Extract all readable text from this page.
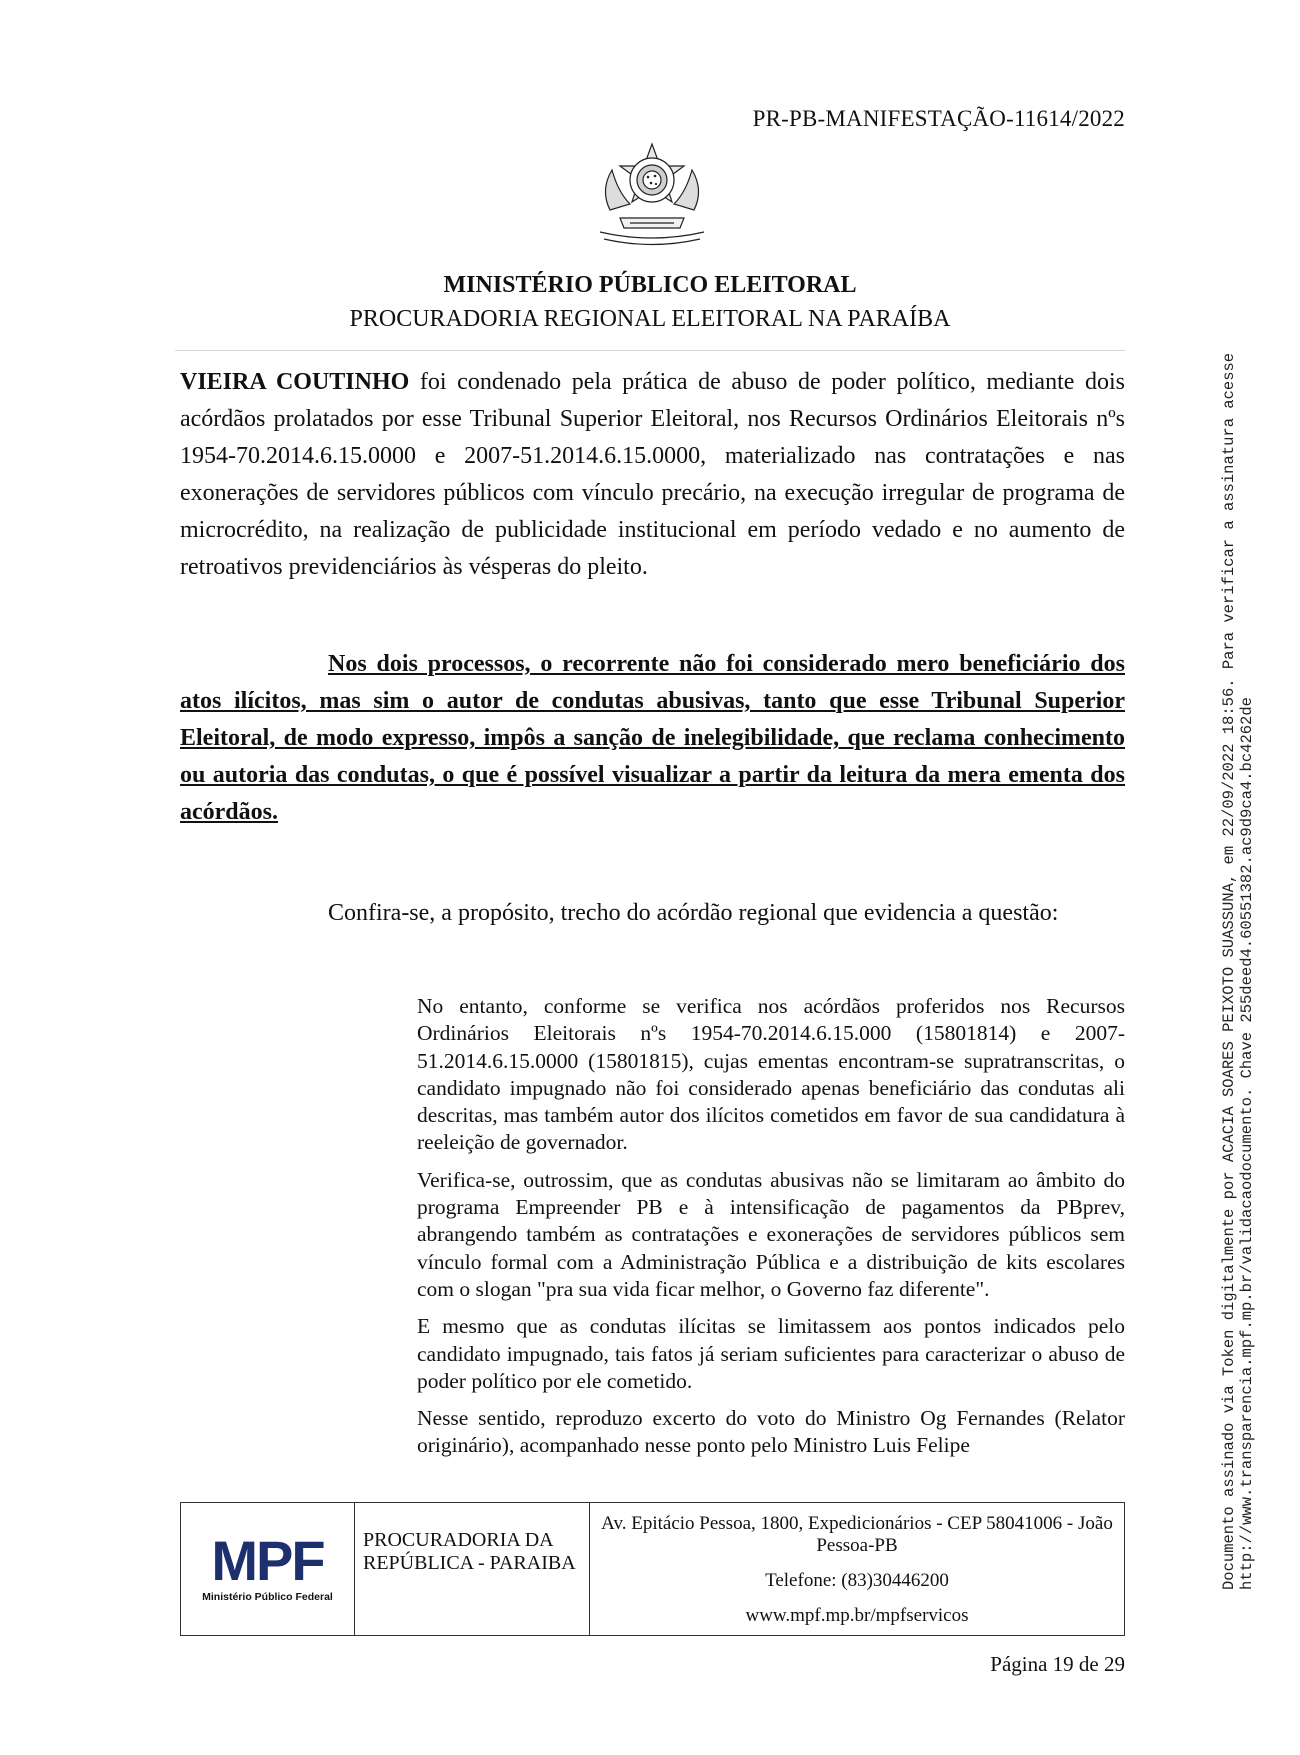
PR-PB-MANIFESTAÇÃO-11614/2022
MINISTÉRIO PÚBLICO ELEITORAL
PROCURADORIA REGIONAL ELEITORAL NA PARAÍBA
VIEIRA COUTINHO foi condenado pela prática de abuso de poder político, mediante dois acórdãos prolatados por esse Tribunal Superior Eleitoral, nos Recursos Ordinários Eleitorais nºs 1954-70.2014.6.15.0000 e 2007-51.2014.6.15.0000, materializado nas contratações e nas exonerações de servidores públicos com vínculo precário, na execução irregular de programa de microcrédito, na realização de publicidade institucional em período vedado e no aumento de retroativos previdenciários às vésperas do pleito.
Nos dois processos, o recorrente não foi considerado mero beneficiário dos atos ilícitos, mas sim o autor de condutas abusivas, tanto que esse Tribunal Superior Eleitoral, de modo expresso, impôs a sanção de inelegibilidade, que reclama conhecimento ou autoria das condutas, o que é possível visualizar a partir da leitura da mera ementa dos acórdãos.
Confira-se, a propósito, trecho do acórdão regional que evidencia a questão:

No entanto, conforme se verifica nos acórdãos proferidos nos Recursos Ordinários Eleitorais nºs 1954-70.2014.6.15.000 (15801814) e 2007-51.2014.6.15.0000 (15801815), cujas ementas encontram-se supratranscritas, o candidato impugnado não foi considerado apenas beneficiário das condutas ali descritas, mas também autor dos ilícitos cometidos em favor de sua candidatura à reeleição de governador.

Verifica-se, outrossim, que as condutas abusivas não se limitaram ao âmbito do programa Empreender PB e à intensificação de pagamentos da PBprev, abrangendo também as contratações e exonerações de servidores públicos sem vínculo formal com a Administração Pública e a distribuição de kits escolares com o slogan "pra sua vida ficar melhor, o Governo faz diferente".

E mesmo que as condutas ilícitas se limitassem aos pontos indicados pelo candidato impugnado, tais fatos já seriam suficientes para caracterizar o abuso de poder político por ele cometido.

Nesse sentido, reproduzo excerto do voto do Ministro Og Fernandes (Relator originário), acompanhado nesse ponto pelo Ministro Luis Felipe

MPF
Ministério Público Federal
PROCURADORIA DA REPÚBLICA - PARAIBA
Av. Epitácio Pessoa, 1800, Expedicionários - CEP 58041006 - João Pessoa-PB
Telefone: (83)30446200
www.mpf.mp.br/mpfservicos
Página 19 de 29
Documento assinado via Token digitalmente por ACACIA SOARES PEIXOTO SUASSUNA, em 22/09/2022 18:56. Para verificar a assinatura acesse http://www.transparencia.mpf.mp.br/validacaodocumento. Chave 255deed4.60551382.ac9d9ca4.bc4262de
